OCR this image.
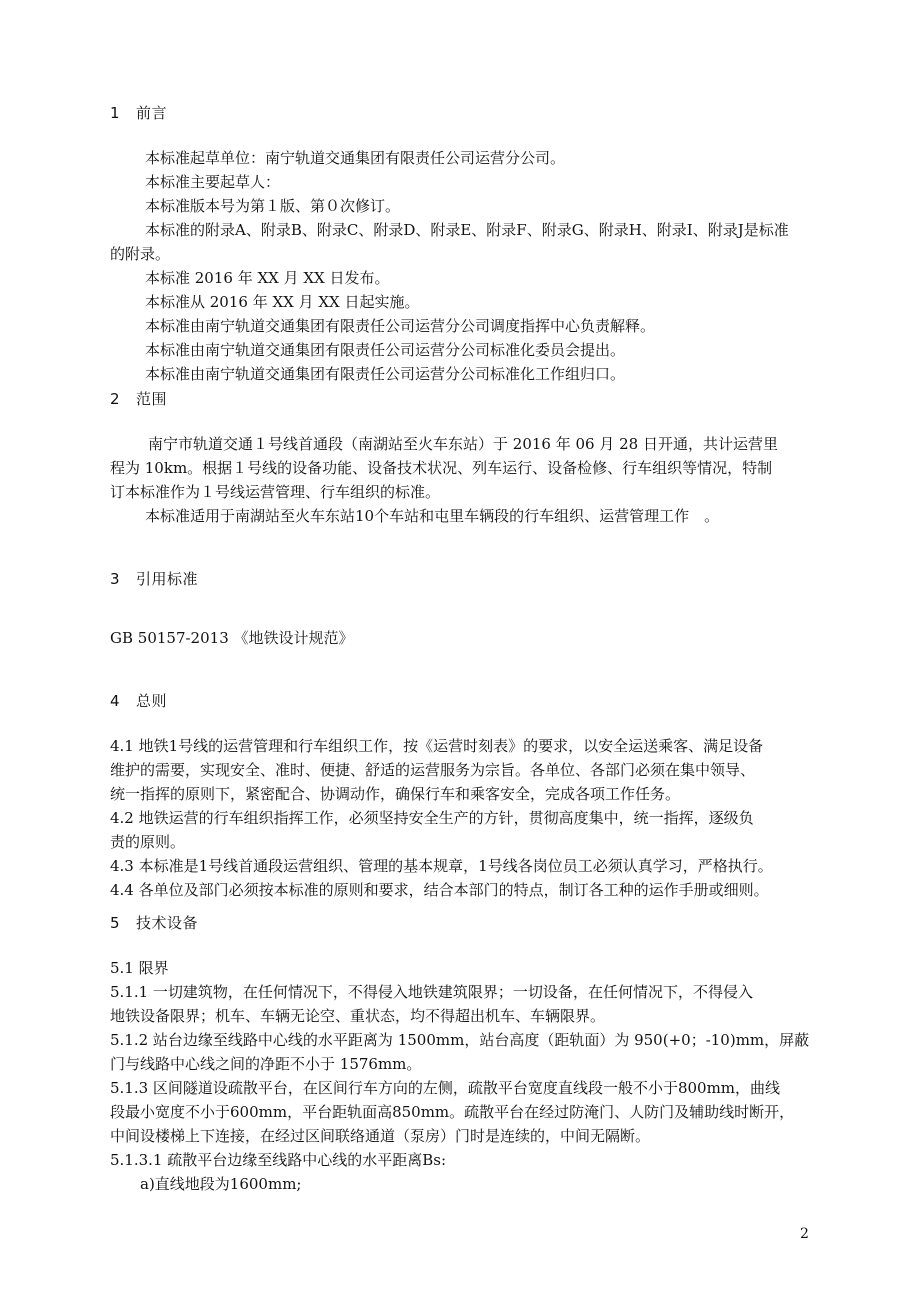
1 前言

本标准起草单位：南宁轨道交通集团有限责任公司运营分公司。

本标准主要起草人：

本标准版本号为第１版、第０次修订。

本标准的附录A、附录B、附录C、附录D、附录E、附录F、附录G、附录H、附录I、附录J是标准

的附录。

本标准 2016 年 XX 月 XX 日发布。

本标准从 2016 年 XX 月 XX 日起实施。

本标准由南宁轨道交通集团有限责任公司运营分公司调度指挥中心负责解释。

本标准由南宁轨道交通集团有限责任公司运营分公司标准化委员会提出。

本标准由南宁轨道交通集团有限责任公司运营分公司标准化工作组归口。

2 范围

南宁市轨道交通１号线首通段（南湖站至火车东站）于 2016 年 06 月 28 日开通，共计运营里

程为 10km。根据１号线的设备功能、设备技术状况、列车运行、设备检修、行车组织等情况，特制

订本标准作为１号线运营管理、行车组织的标准。

本标准适用于南湖站至火车东站10个车站和屯里车辆段的行车组织、运营管理工作　。

3 引用标准

GB 50157-2013 《地铁设计规范》

4 总则

4.1 地铁1号线的运营管理和行车组织工作，按《运营时刻表》的要求，以安全运送乘客、满足设备

维护的需要，实现安全、准时、便捷、舒适的运营服务为宗旨。各单位、各部门必须在集中领导、

统一指挥的原则下，紧密配合、协调动作，确保行车和乘客安全，完成各项工作任务。

4.2 地铁运营的行车组织指挥工作，必须坚持安全生产的方针，贯彻高度集中，统一指挥，逐级负

责的原则。

4.3 本标准是1号线首通段运营组织、管理的基本规章，1号线各岗位员工必须认真学习，严格执行。

4.4 各单位及部门必须按本标准的原则和要求，结合本部门的特点，制订各工种的运作手册或细则。

5 技术设备

5.1 限界

5.1.1 一切建筑物，在任何情况下，不得侵入地铁建筑限界；一切设备，在任何情况下，不得侵入

地铁设备限界；机车、车辆无论空、重状态，均不得超出机车、车辆限界。

5.1.2 站台边缘至线路中心线的水平距离为 1500mm，站台高度（距轨面）为 950(+0；-10)mm，屏蔽

门与线路中心线之间的净距不小于 1576mm。

5.1.3 区间隧道设疏散平台，在区间行车方向的左侧，疏散平台宽度直线段一般不小于800mm，曲线

段最小宽度不小于600mm，平台距轨面高850mm。疏散平台在经过防淹门、人防门及辅助线时断开，

中间设楼梯上下连接，在经过区间联络通道（泵房）门时是连续的，中间无隔断。

5.1.3.1 疏散平台边缘至线路中心线的水平距离Bs:

a)直线地段为1600mm;

2
